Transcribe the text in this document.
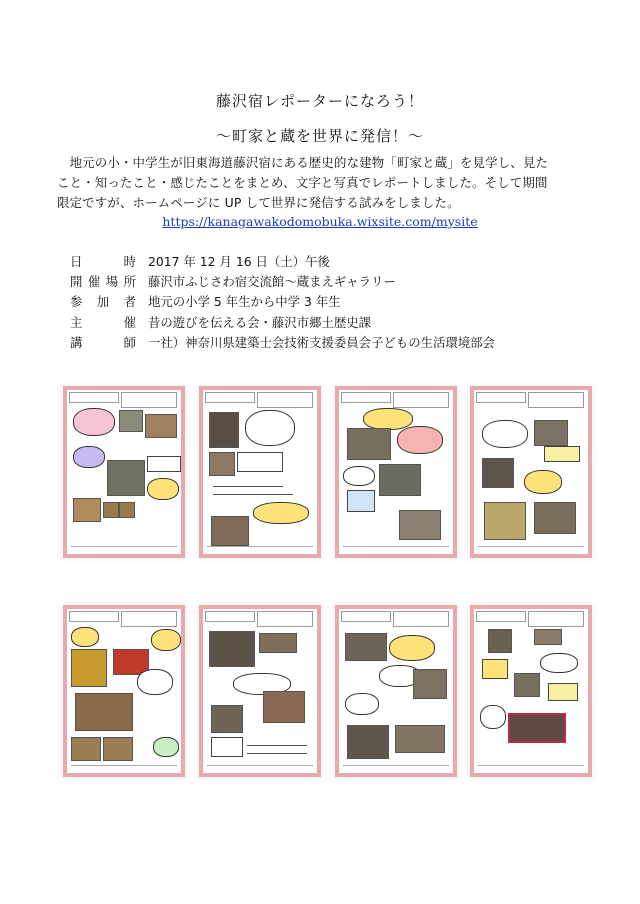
藤沢宿レポーターになろう！
〜町家と蔵を世界に発信！〜

　地元の小・中学生が旧東海道藤沢宿にある歴史的な建物「町家と蔵」を見学し、見た

こと・知ったこと・感じたことをまとめ、文字と写真でレポートしました。そして期間

限定ですが、ホームページに UP して世界に発信する試みをしました。

https://kanagawakodomobuka.wixsite.com/mysite
日時 2017 年 12 月 16 日（土）午後
開催場所 藤沢市ふじさわ宿交流館〜蔵まえギャラリー
参加者 地元の小学 5 年生から中学 3 年生
主催 昔の遊びを伝える会・藤沢市郷土歴史課
講師 一社）神奈川県建築士会技術支援委員会子どもの生活環境部会
